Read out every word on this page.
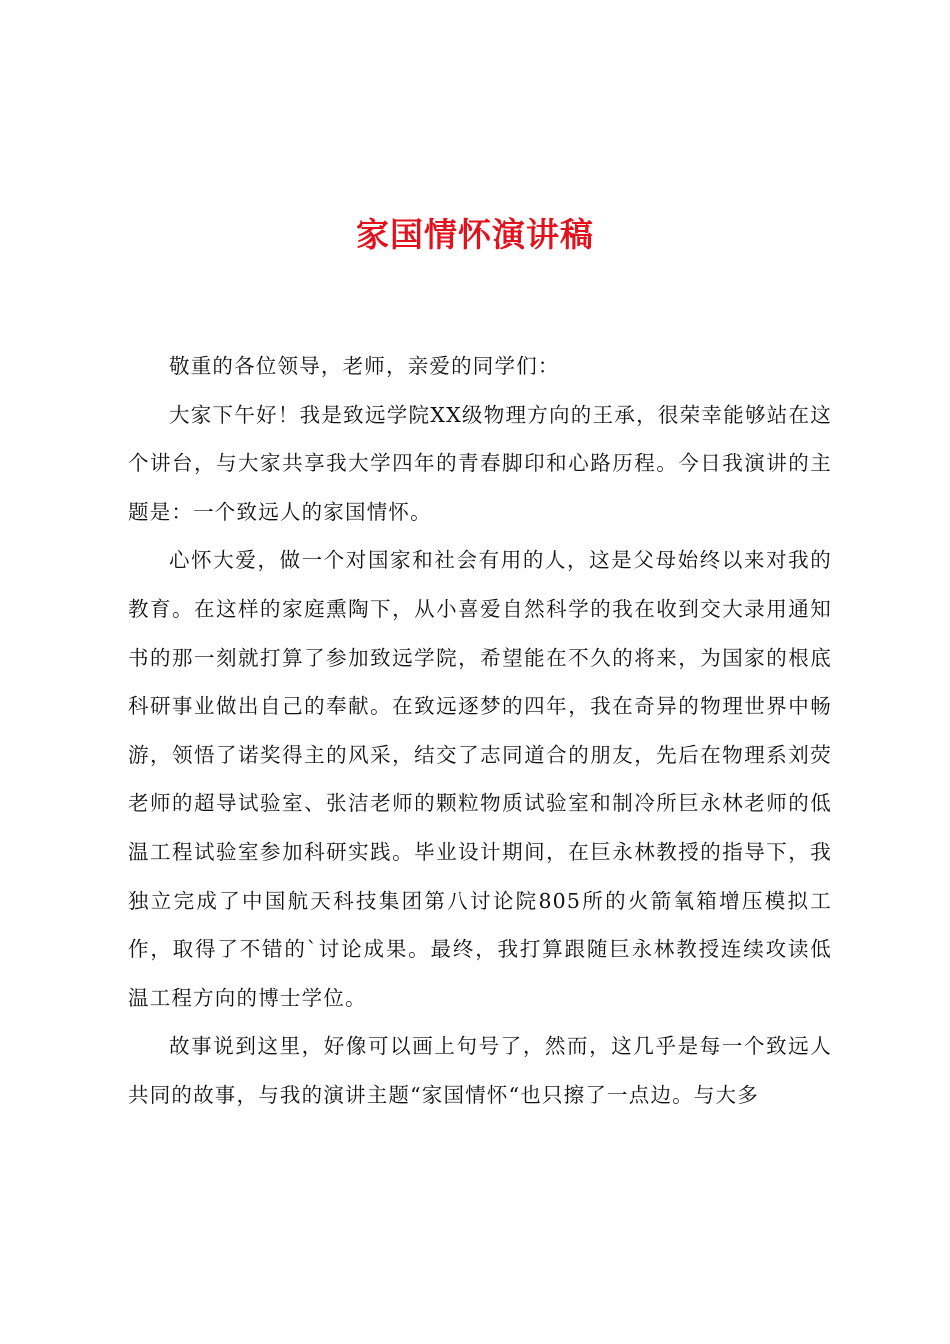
家国情怀演讲稿

敬重的各位领导，老师，亲爱的同学们：

大家下午好！我是致远学院XX级物理方向的王承，很荣幸能够站在这个讲台，与大家共享我大学四年的青春脚印和心路历程。今日我演讲的主题是：一个致远人的家国情怀。

心怀大爱，做一个对国家和社会有用的人，这是父母始终以来对我的教育。在这样的家庭熏陶下，从小喜爱自然科学的我在收到交大录用通知书的那一刻就打算了参加致远学院，希望能在不久的将来，为国家的根底科研事业做出自己的奉献。在致远逐梦的四年，我在奇异的物理世界中畅游，领悟了诺奖得主的风采，结交了志同道合的朋友，先后在物理系刘荧老师的超导试验室、张洁老师的颗粒物质试验室和制冷所巨永林老师的低温工程试验室参加科研实践。毕业设计期间，在巨永林教授的指导下，我独立完成了中国航天科技集团第八讨论院805所的火箭氧箱增压模拟工作，取得了不错的`讨论成果。最终，我打算跟随巨永林教授连续攻读低温工程方向的博士学位。

故事说到这里，好像可以画上句号了，然而，这几乎是每一个致远人共同的故事，与我的演讲主题“家国情怀“也只擦了一点边。与大多
